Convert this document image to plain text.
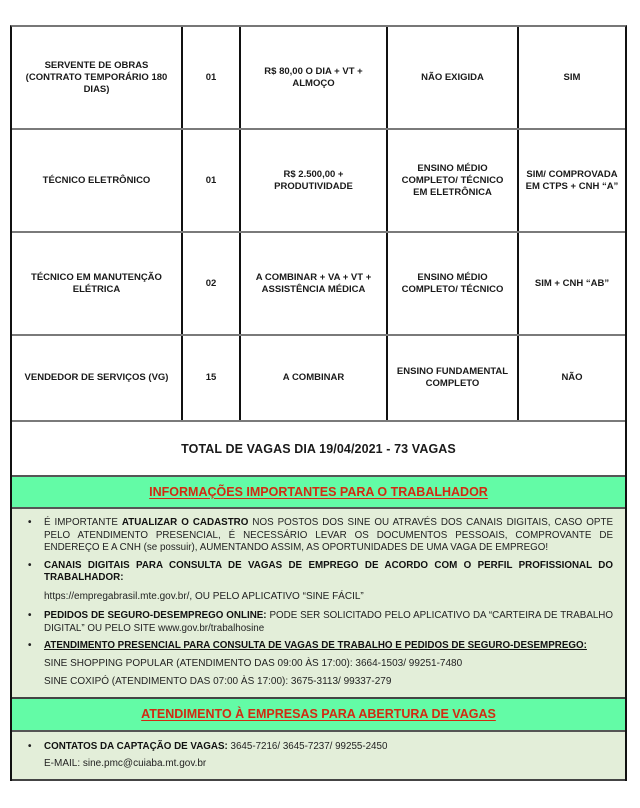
SERVENTE DE OBRAS (CONTRATO TEMPORÁRIO 180 DIAS)	01	R$ 80,00 O DIA + VT + ALMOÇO	NÃO EXIGIDA	SIM
TÉCNICO ELETRÔNICO	01	R$ 2.500,00 + PRODUTIVIDADE	ENSINO MÉDIO COMPLETO/ TÉCNICO EM ELETRÔNICA	SIM/ COMPROVADA EM CTPS + CNH “A”
TÉCNICO EM MANUTENÇÃO ELÉTRICA	02	A COMBINAR + VA + VT + ASSISTÊNCIA MÉDICA	ENSINO MÉDIO COMPLETO/ TÉCNICO	SIM + CNH “AB”
VENDEDOR DE SERVIÇOS (VG)	15	A COMBINAR	ENSINO FUNDAMENTAL COMPLETO	NÃO
TOTAL DE VAGAS DIA 19/04/2021 - 73 VAGAS
INFORMAÇÕES IMPORTANTES PARA O TRABALHADOR
• É IMPORTANTE ATUALIZAR O CADASTRO NOS POSTOS DOS SINE OU ATRAVÉS DOS CANAIS DIGITAIS, CASO OPTE PELO ATENDIMENTO PRESENCIAL, É NECESSÁRIO LEVAR OS DOCUMENTOS PESSOAIS, COMPROVANTE DE ENDEREÇO E A CNH (se possuir), AUMENTANDO ASSIM, AS OPORTUNIDADES DE UMA VAGA DE EMPREGO!
• CANAIS DIGITAIS PARA CONSULTA DE VAGAS DE EMPREGO DE ACORDO COM O PERFIL PROFISSIONAL DO TRABALHADOR:
https://empregabrasil.mte.gov.br/, OU PELO APLICATIVO “SINE FÁCIL”
• PEDIDOS DE SEGURO-DESEMPREGO ONLINE: PODE SER SOLICITADO PELO APLICATIVO DA “CARTEIRA DE TRABALHO DIGITAL” OU PELO SITE www.gov.br/trabalhosine
• ATENDIMENTO PRESENCIAL PARA CONSULTA DE VAGAS DE TRABALHO E PEDIDOS DE SEGURO-DESEMPREGO:
SINE SHOPPING POPULAR (ATENDIMENTO DAS 09:00 ÀS 17:00): 3664-1503/ 99251-7480
SINE COXIPÓ (ATENDIMENTO DAS 07:00 ÀS 17:00): 3675-3113/ 99337-279
ATENDIMENTO À EMPRESAS PARA ABERTURA DE VAGAS
• CONTATOS DA CAPTAÇÃO DE VAGAS: 3645-7216/ 3645-7237/ 99255-2450
E-MAIL: sine.pmc@cuiaba.mt.gov.br
